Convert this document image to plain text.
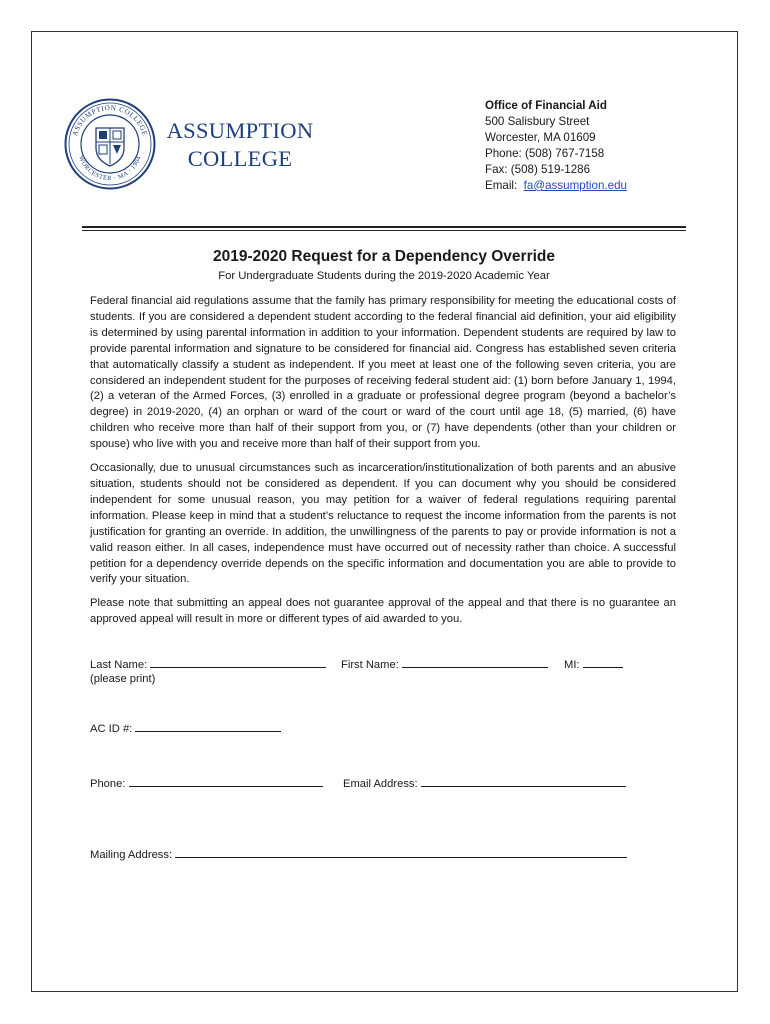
ASSUMPTION COLLEGE
WORCESTER · MA · 1904
ASSUMPTION
COLLEGE
Office of Financial Aid
500 Salisbury Street
Worcester, MA 01609
Phone: (508) 767-7158
Fax: (508) 519-1286
Email: fa@assumption.edu
2019-2020 Request for a Dependency Override
For Undergraduate Students during the 2019-2020 Academic Year

Federal financial aid regulations assume that the family has primary responsibility for meeting the educational costs of students. If you are considered a dependent student according to the federal financial aid definition, your aid eligibility is determined by using parental information in addition to your information. Dependent students are required by law to provide parental information and signature to be considered for financial aid. Congress has established seven criteria that automatically classify a student as independent. If you meet at least one of the following seven criteria, you are considered an independent student for the purposes of receiving federal student aid: (1) born before January 1, 1994, (2) a veteran of the Armed Forces, (3) enrolled in a graduate or professional degree program (beyond a bachelor’s degree) in 2019-2020, (4) an orphan or ward of the court or ward of the court until age 18, (5) married, (6) have children who receive more than half of their support from you, or (7) have dependents (other than your children or spouse) who live with you and receive more than half of their support from you.

Occasionally, due to unusual circumstances such as incarceration/institutionalization of both parents and an abusive situation, students should not be considered as dependent. If you can document why you should be considered independent for some unusual reason, you may petition for a waiver of federal regulations requiring parental information. Please keep in mind that a student’s reluctance to request the income information from the parents is not justification for granting an override. In addition, the unwillingness of the parents to pay or provide information is not a valid reason either. In all cases, independence must have occurred out of necessity rather than choice. A successful petition for a dependency override depends on the specific information and documentation you are able to provide to verify your situation.

Please note that submitting an appeal does not guarantee approval of the appeal and that there is no guarantee an approved appeal will result in more or different types of aid awarded to you.

Last Name:
(please print)
First Name:	MI:
AC ID #:
Phone:	Email Address:
Mailing Address:
